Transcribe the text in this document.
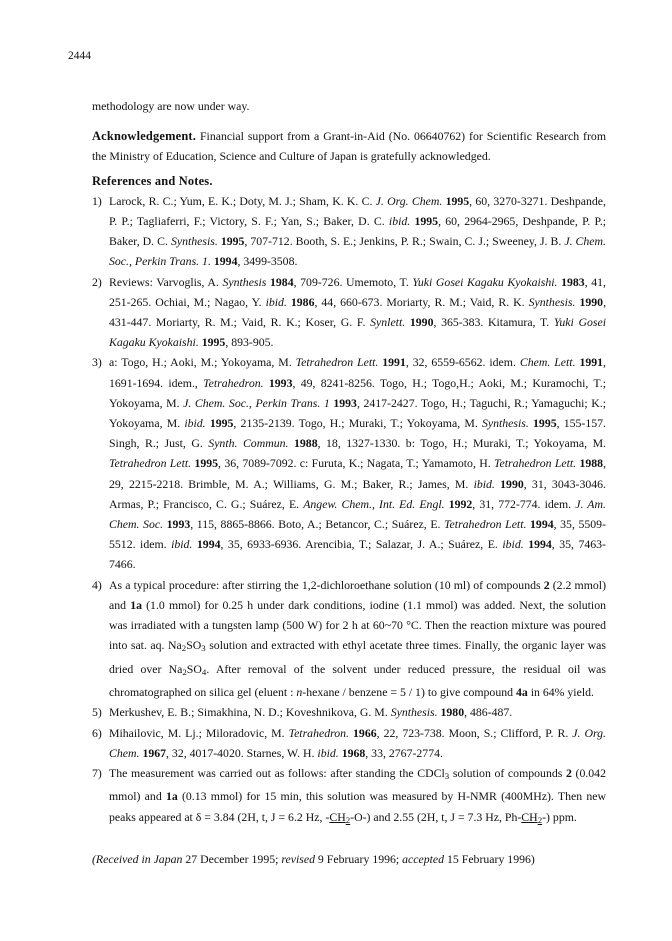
2444

methodology are now under way.

Acknowledgement. Financial support from a Grant-in-Aid (No. 06640762) for Scientific Research from the Ministry of Education, Science and Culture of Japan is gratefully acknowledged.

References and Notes.
1) Larock, R. C.; Yum, E. K.; Doty, M. J.; Sham, K. K. C. J. Org. Chem. 1995, 60, 3270-3271. Deshpande, P. P.; Tagliaferri, F.; Victory, S. F.; Yan, S.; Baker, D. C. ibid. 1995, 60, 2964-2965, Deshpande, P. P.; Baker, D. C. Synthesis. 1995, 707-712. Booth, S. E.; Jenkins, P. R.; Swain, C. J.; Sweeney, J. B. J. Chem. Soc., Perkin Trans. 1. 1994, 3499-3508.
2) Reviews: Varvoglis, A. Synthesis 1984, 709-726. Umemoto, T. Yuki Gosei Kagaku Kyokaishi. 1983, 41, 251-265. Ochiai, M.; Nagao, Y. ibid. 1986, 44, 660-673. Moriarty, R. M.; Vaid, R. K. Synthesis. 1990, 431-447. Moriarty, R. M.; Vaid, R. K.; Koser, G. F. Synlett. 1990, 365-383. Kitamura, T. Yuki Gosei Kagaku Kyokaishi. 1995, 893-905.
3) a: Togo, H.; Aoki, M.; Yokoyama, M. Tetrahedron Lett. 1991, 32, 6559-6562. idem. Chem. Lett. 1991, 1691-1694. idem., Tetrahedron. 1993, 49, 8241-8256. Togo, H.; Togo,H.; Aoki, M.; Kuramochi, T.; Yokoyama, M. J. Chem. Soc., Perkin Trans. 1 1993, 2417-2427. Togo, H.; Taguchi, R.; Yamaguchi; K.; Yokoyama, M. ibid. 1995, 2135-2139. Togo, H.; Muraki, T.; Yokoyama, M. Synthesis. 1995, 155-157. Singh, R.; Just, G. Synth. Commun. 1988, 18, 1327-1330. b: Togo, H.; Muraki, T.; Yokoyama, M. Tetrahedron Lett. 1995, 36, 7089-7092. c: Furuta, K.; Nagata, T.; Yamamoto, H. Tetrahedron Lett. 1988, 29, 2215-2218. Brimble, M. A.; Williams, G. M.; Baker, R.; James, M. ibid. 1990, 31, 3043-3046. Armas, P.; Francisco, C. G.; Suárez, E. Angew. Chem., Int. Ed. Engl. 1992, 31, 772-774. idem. J. Am. Chem. Soc. 1993, 115, 8865-8866. Boto, A.; Betancor, C.; Suárez, E. Tetrahedron Lett. 1994, 35, 5509-5512. idem. ibid. 1994, 35, 6933-6936. Arencibia, T.; Salazar, J. A.; Suárez, E. ibid. 1994, 35, 7463-7466.
4) As a typical procedure: after stirring the 1,2-dichloroethane solution (10 ml) of compounds 2 (2.2 mmol) and 1a (1.0 mmol) for 0.25 h under dark conditions, iodine (1.1 mmol) was added. Next, the solution was irradiated with a tungsten lamp (500 W) for 2 h at 60~70 °C. Then the reaction mixture was poured into sat. aq. $Na_2SO_3$ solution and extracted with ethyl acetate three times. Finally, the organic layer was dried over $Na_2SO_4$. After removal of the solvent under reduced pressure, the residual oil was chromatographed on silica gel (eluent : n-hexane / benzene = 5 / 1) to give compound 4a in 64% yield.
5) Merkushev, E. B.; Simakhina, N. D.; Koveshnikova, G. M. Synthesis. 1980, 486-487.
6) Mihailovic, M. Lj.; Miloradovic, M. Tetrahedron. 1966, 22, 723-738. Moon, S.; Clifford, P. R. J. Org. Chem. 1967, 32, 4017-4020. Starnes, W. H. ibid. 1968, 33, 2767-2774.
7) The measurement was carried out as follows: after standing the CDCl$_3$ solution of compounds 2 (0.042 mmol) and 1a (0.13 mmol) for 15 min, this solution was measured by H-NMR (400MHz). Then new peaks appeared at δ = 3.84 (2H, t, J = 6.2 Hz, $-CH_2-O-$) and 2.55 (2H, t, J = 7.3 Hz, $Ph-CH_2-$) ppm.
(Received in Japan 27 December 1995; revised 9 February 1996; accepted 15 February 1996)
